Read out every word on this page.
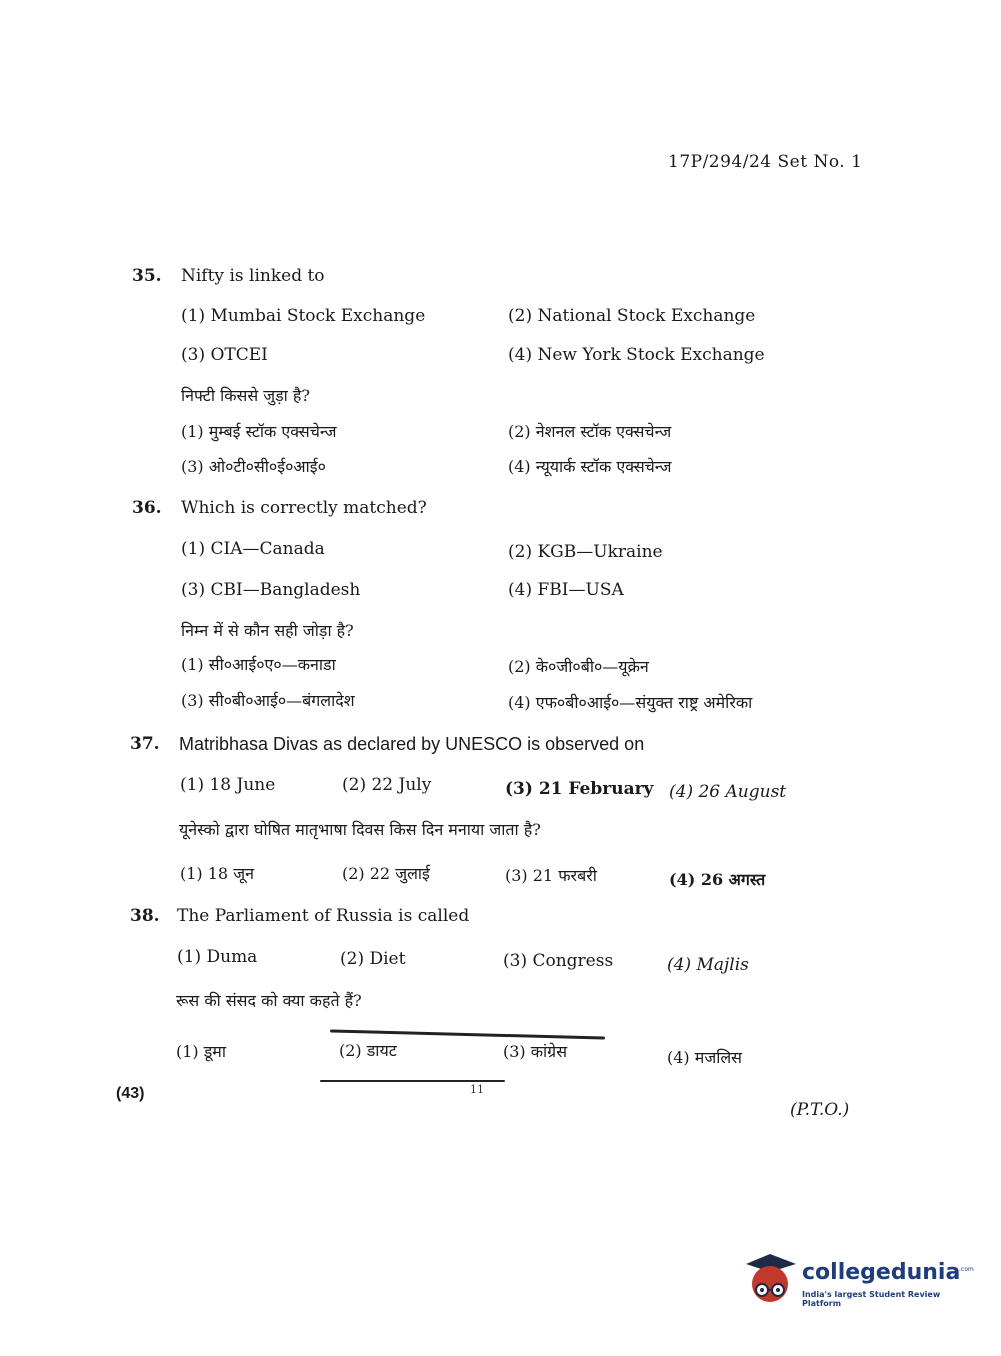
17P/294/24 Set No. 1
35. Nifty is linked to
(1) Mumbai Stock Exchange	(2) National Stock Exchange
(3) OTCEI	(4) New York Stock Exchange
निफ्टी किससे जुड़ा है?
(1) मुम्बई स्टॉक एक्सचेन्ज	(2) नेशनल स्टॉक एक्सचेन्ज
(3) ओ०टी०सी०ई०आई०	(4) न्यूयार्क स्टॉक एक्सचेन्ज
36. Which is correctly matched?
(1) CIA—Canada	(2) KGB—Ukraine
(3) CBI—Bangladesh	(4) FBI—USA
निम्न में से कौन सही जोड़ा है?
(1) सी०आई०ए०—कनाडा	(2) के०जी०बी०—यूक्रेन
(3) सी०बी०आई०—बंगलादेश	(4) एफ०बी०आई०—संयुक्त राष्ट्र अमेरिका
37. Matribhasa Divas as declared by UNESCO is observed on
(1) 18 June	(2) 22 July	(3) 21 February (4) 26 August
यूनेस्को द्वारा घोषित मातृभाषा दिवस किस दिन मनाया जाता है?
(1) 18 जून	(2) 22 जुलाई	(3) 21 फरबरी	(4) 26 अगस्त
38. The Parliament of Russia is called
(1) Duma	(2) Diet	(3) Congress	(4) Majlis
रूस की संसद को क्या कहते हैं?
(1) डूमा	(2) डायट	(3) कांग्रेस	(4) मजलिस
(43)	11
(P.T.O.)
collegedunia
.com
India's largest Student Review Platform
